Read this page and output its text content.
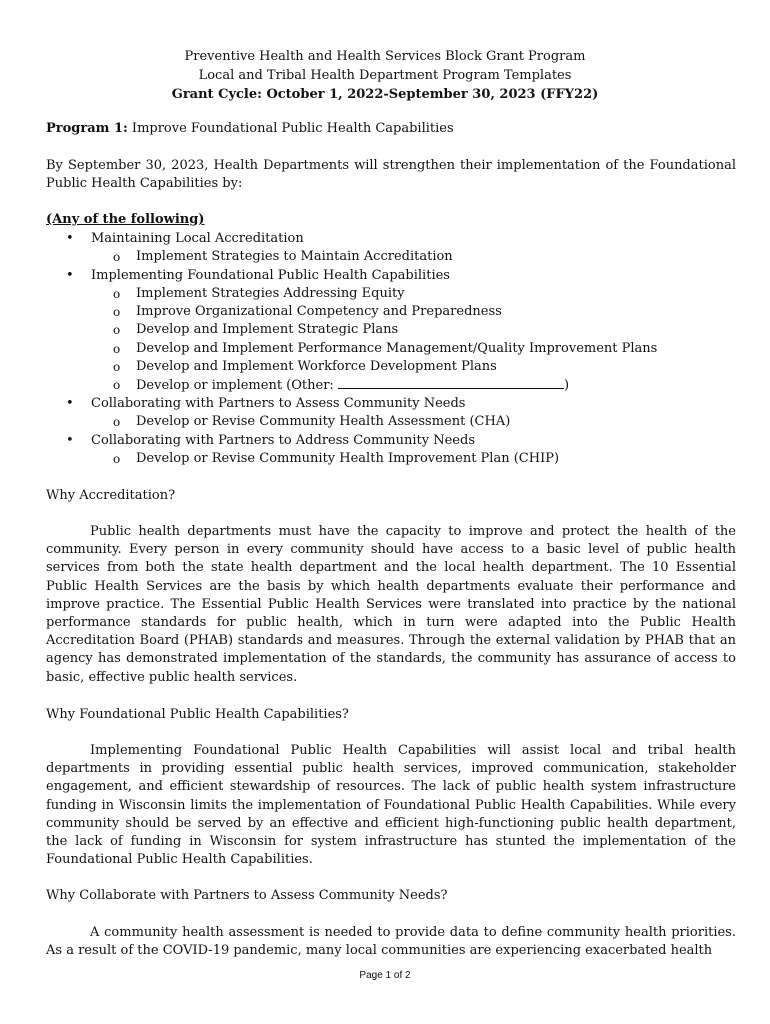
Preventive Health and Health Services Block Grant Program
Local and Tribal Health Department Program Templates
Grant Cycle: October 1, 2022-September 30, 2023 (FFY22)
Program 1: Improve Foundational Public Health Capabilities
By September 30, 2023, Health Departments will strengthen their implementation of the Foundational Public Health Capabilities by:
(Any of the following)
• Maintaining Local Accreditation
o Implement Strategies to Maintain Accreditation
• Implementing Foundational Public Health Capabilities
o Implement Strategies Addressing Equity
o Improve Organizational Competency and Preparedness
o Develop and Implement Strategic Plans
o Develop and Implement Performance Management/Quality Improvement Plans
o Develop and Implement Workforce Development Plans
o Develop or implement (Other:	)
• Collaborating with Partners to Assess Community Needs
o Develop or Revise Community Health Assessment (CHA)
• Collaborating with Partners to Address Community Needs
o Develop or Revise Community Health Improvement Plan (CHIP)
Why Accreditation?
Public health departments must have the capacity to improve and protect the health of the community. Every person in every community should have access to a basic level of public health services from both the state health department and the local health department. The 10 Essential Public Health Services are the basis by which health departments evaluate their performance and improve practice. The Essential Public Health Services were translated into practice by the national performance standards for public health, which in turn were adapted into the Public Health Accreditation Board (PHAB) standards and measures. Through the external validation by PHAB that an agency has demonstrated implementation of the standards, the community has assurance of access to basic, effective public health services.
Why Foundational Public Health Capabilities?
Implementing Foundational Public Health Capabilities will assist local and tribal health departments in providing essential public health services, improved communication, stakeholder engagement, and efficient stewardship of resources. The lack of public health system infrastructure funding in Wisconsin limits the implementation of Foundational Public Health Capabilities. While every community should be served by an effective and efficient high-functioning public health department, the lack of funding in Wisconsin for system infrastructure has stunted the implementation of the Foundational Public Health Capabilities.
Why Collaborate with Partners to Assess Community Needs?
A community health assessment is needed to provide data to define community health priorities. As a result of the COVID-19 pandemic, many local communities are experiencing exacerbated health
Page 1 of 2
